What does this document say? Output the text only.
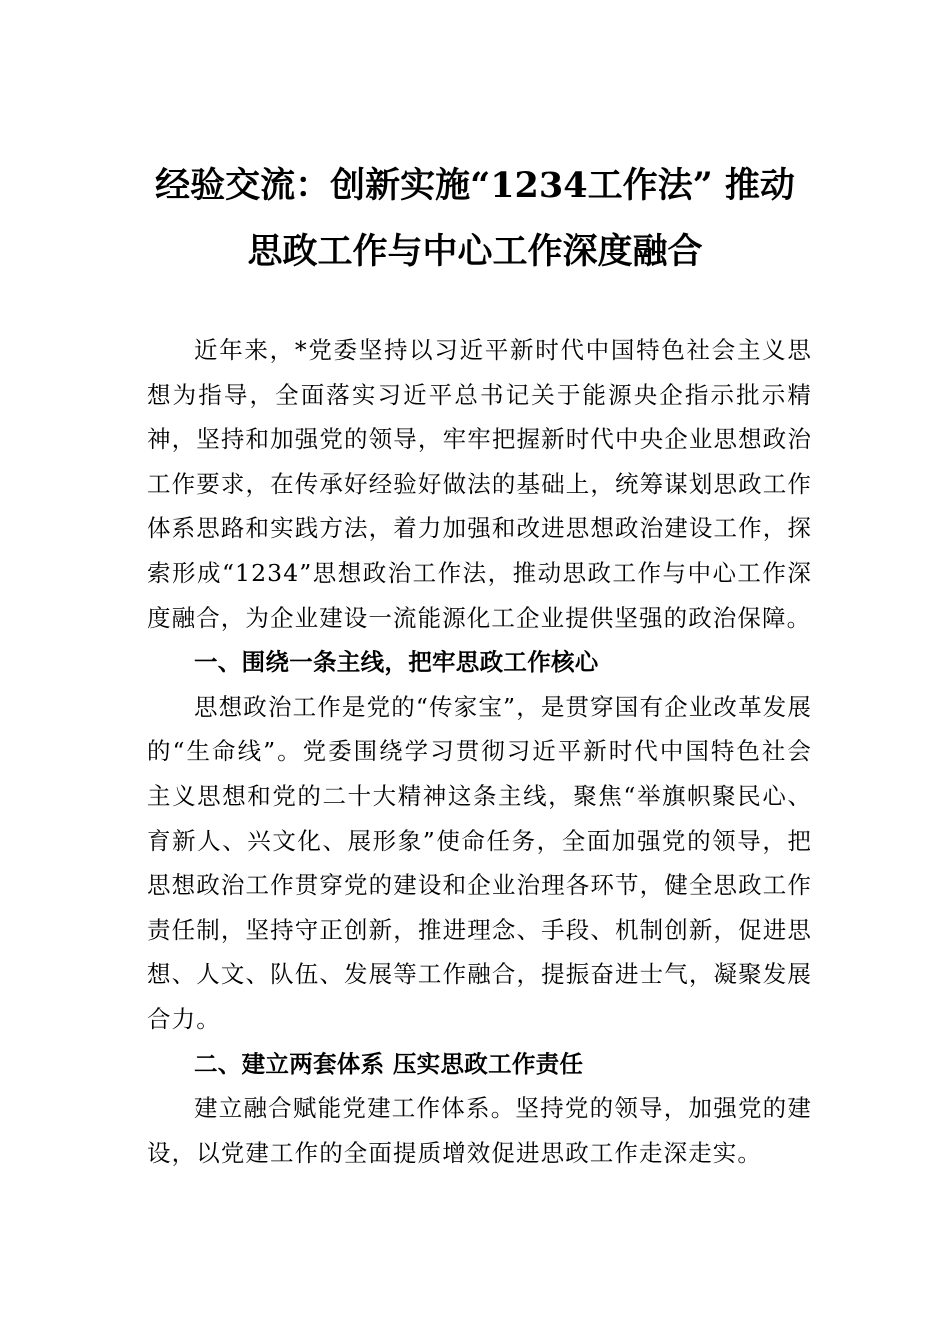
经验交流：创新实施“1234工作法” 推动
思政工作与中心工作深度融合

近年来，*党委坚持以习近平新时代中国特色社会主义思想为指导，全面落实习近平总书记关于能源央企指示批示精神，坚持和加强党的领导，牢牢把握新时代中央企业思想政治工作要求，在传承好经验好做法的基础上，统筹谋划思政工作体系思路和实践方法，着力加强和改进思想政治建设工作，探索形成“1234”思想政治工作法，推动思政工作与中心工作深度融合，为企业建设一流能源化工企业提供坚强的政治保障。

一、围绕一条主线，把牢思政工作核心

思想政治工作是党的“传家宝”，是贯穿国有企业改革发展的“生命线”。党委围绕学习贯彻习近平新时代中国特色社会主义思想和党的二十大精神这条主线，聚焦“举旗帜聚民心、育新人、兴文化、展形象”使命任务，全面加强党的领导，把思想政治工作贯穿党的建设和企业治理各环节，健全思政工作责任制，坚持守正创新，推进理念、手段、机制创新，促进思想、人文、队伍、发展等工作融合，提振奋进士气，凝聚发展合力。

二、建立两套体系 压实思政工作责任

建立融合赋能党建工作体系。坚持党的领导，加强党的建设，以党建工作的全面提质增效促进思政工作走深走实。
